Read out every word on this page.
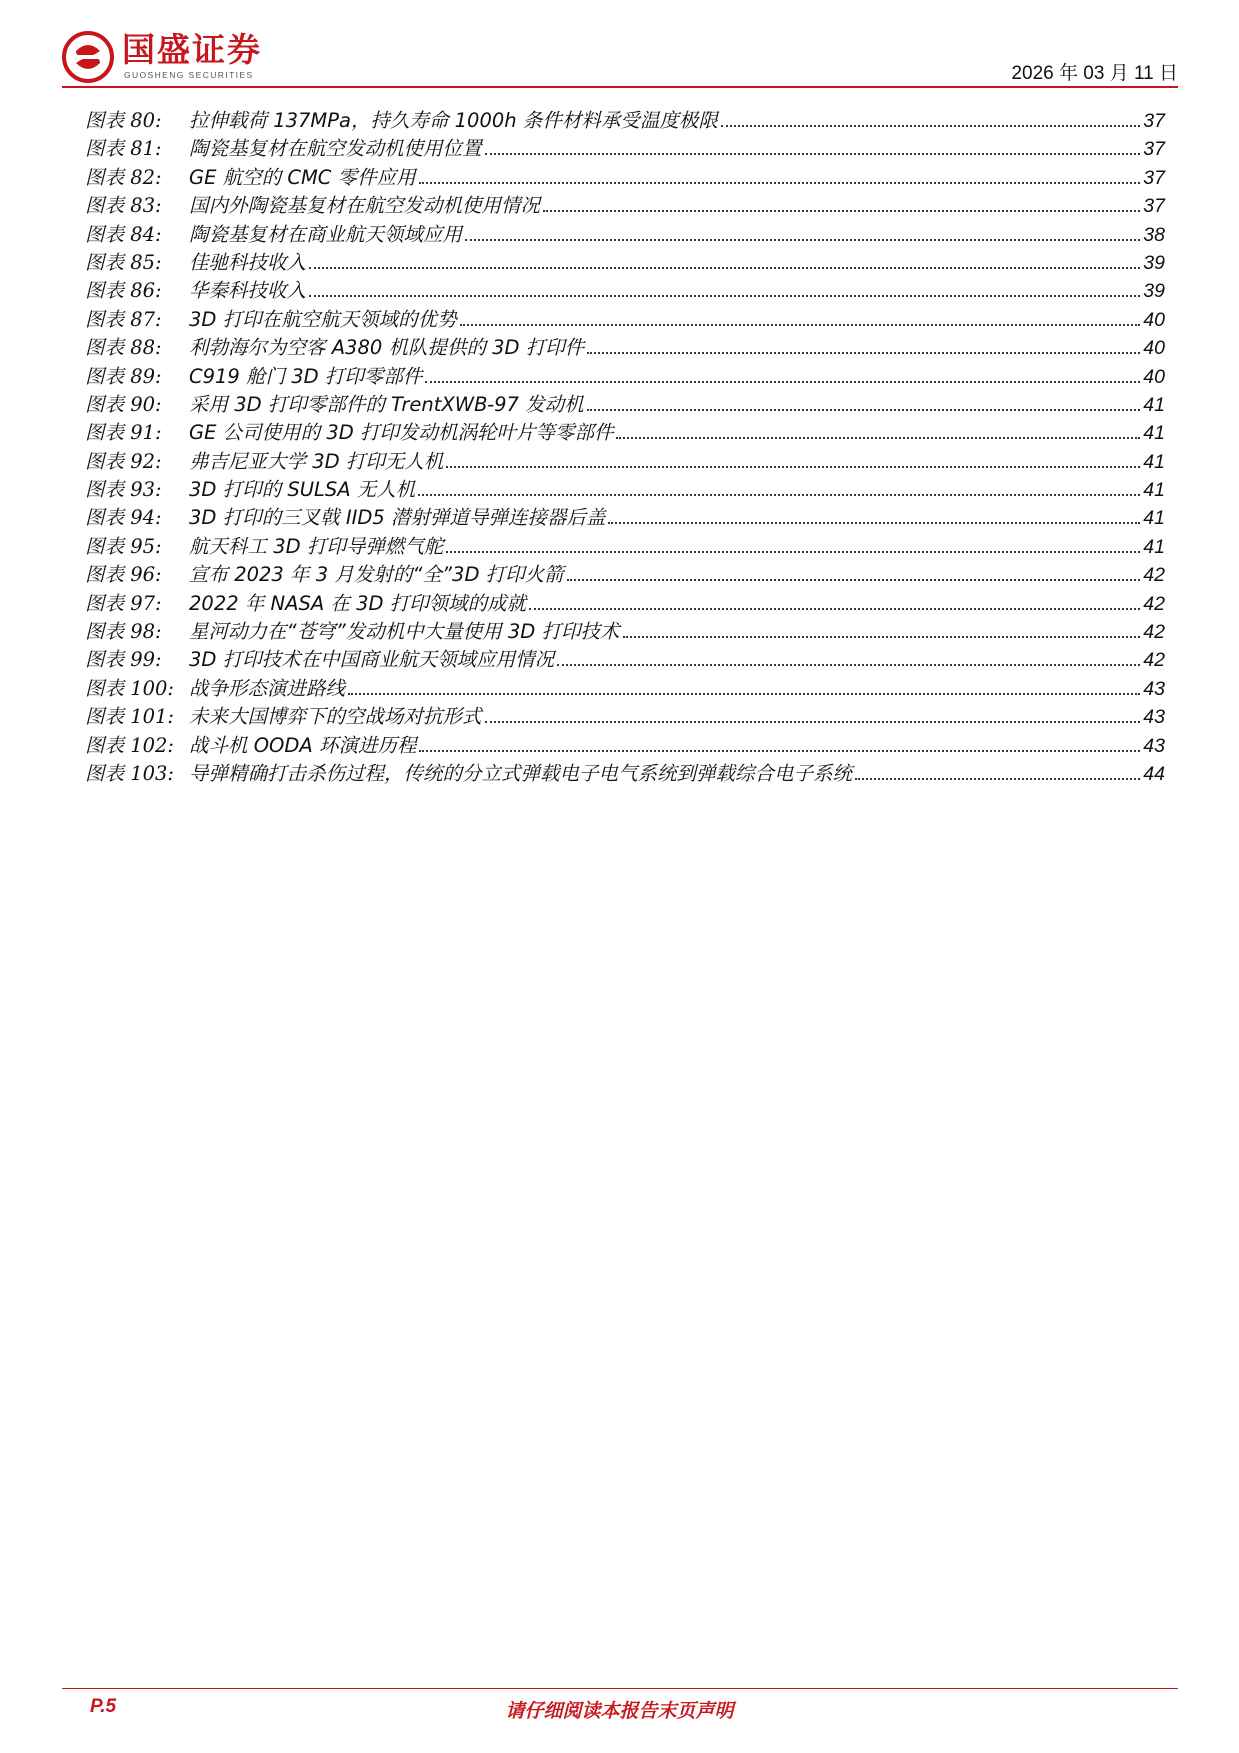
国盛证券
GUOSHENG SECURITIES	2026 年 03 月 11 日
图表 80:	拉伸载荷 137MPa，持久寿命 1000h 条件材料承受温度极限	37
图表 81:	陶瓷基复材在航空发动机使用位置	37
图表 82:	GE 航空的 CMC 零件应用	37
图表 83:	国内外陶瓷基复材在航空发动机使用情况	37
图表 84:	陶瓷基复材在商业航天领域应用	38
图表 85:	佳驰科技收入	39
图表 86:	华秦科技收入	39
图表 87:	3D 打印在航空航天领域的优势	40
图表 88:	利勃海尔为空客 A380 机队提供的 3D 打印件	40
图表 89:	C919 舱门 3D 打印零部件	40
图表 90:	采用 3D 打印零部件的 TrentXWB-97 发动机	41
图表 91:	GE 公司使用的 3D 打印发动机涡轮叶片等零部件	41
图表 92:	弗吉尼亚大学 3D 打印无人机	41
图表 93:	3D 打印的 SULSA 无人机	41
图表 94:	3D 打印的三叉戟 IID5 潜射弹道导弹连接器后盖	41
图表 95:	航天科工 3D 打印导弹燃气舵	41
图表 96:	宣布 2023 年 3 月发射的“全”3D 打印火箭	42
图表 97:	2022 年 NASA 在 3D 打印领域的成就	42
图表 98:	星河动力在“苍穹”发动机中大量使用 3D 打印技术	42
图表 99:	3D 打印技术在中国商业航天领域应用情况	42
图表 100: 战争形态演进路线	43
图表 101: 未来大国博弈下的空战场对抗形式	43
图表 102: 战斗机 OODA 环演进历程	43
图表 103: 导弹精确打击杀伤过程，传统的分立式弹载电子电气系统到弹载综合电子系统	44
请仔细阅读本报告末页声明
P.5
